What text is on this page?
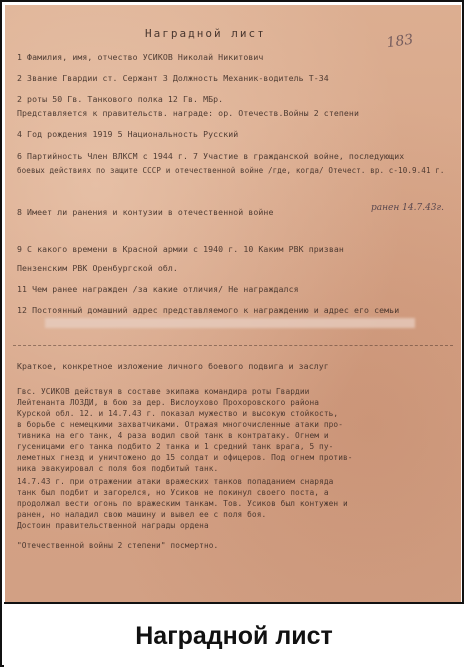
Наградной лист	183
1 Фамилия, имя, отчество УСИКОВ Николай Никитович
2 Звание Гвардии ст. Сержант 3 Должность Механик-водитель Т-34
2 роты 50 Гв. Танкового полка 12 Гв. МБр.
Представляется к правительств. награде: ор. Отечеств.Войны 2 степени
4 Год рождения 1919 5 Национальность Русский
6 Партийность Член ВЛКСМ с 1944 г. 7 Участие в гражданской войне, последующих
боевых действиях по защите СССР и отечественной войне /где, когда/ Отечест. вр. с-10.9.41 г.
8 Имеет ли ранения и контузии в отечественной войне	ранен 14.7.43г.
9 С какого времени в Красной армии с 1940 г. 10 Каким РВК призван
Пензенским РВК Оренбургской обл.
11 Чем ранее награжден /за какие отличия/ Не награждался
12 Постоянный домашний адрес представляемого к награждению и адрес его семьи
Краткое, конкретное изложение личного боевого подвига и заслуг
Гвс. УСИКОВ действуя в составе экипажа командира роты Гвардии
Лейтенанта ЛОЗДИ, в бою за дер. Вислоухово Прохоровского района
Курской обл. 12. и 14.7.43 г. показал мужество и высокую стойкость,
в борьбе с немецкими захватчиками. Отражая многочисленные атаки про-
тивника на его танк, 4 раза водил свой танк в контратаку. Огнем и
гусеницами его танка подбито 2 танка и 1 средний танк врага, 5 пу-
леметных гнезд и уничтожено до 15 солдат и офицеров. Под огнем против-
ника эвакуировал с поля боя подбитый танк.
14.7.43 г. при отражении атаки вражеских танков попаданием снаряда
танк был подбит и загорелся, но Усиков не покинул своего поста, а
продолжал вести огонь по вражеским танкам. Тов. Усиков был контужен и
ранен, но наладил свою машину и вывел ее с поля боя.
Достоин правительственной награды ордена
"Отечественной войны 2 степени" посмертно.
Наградной лист
